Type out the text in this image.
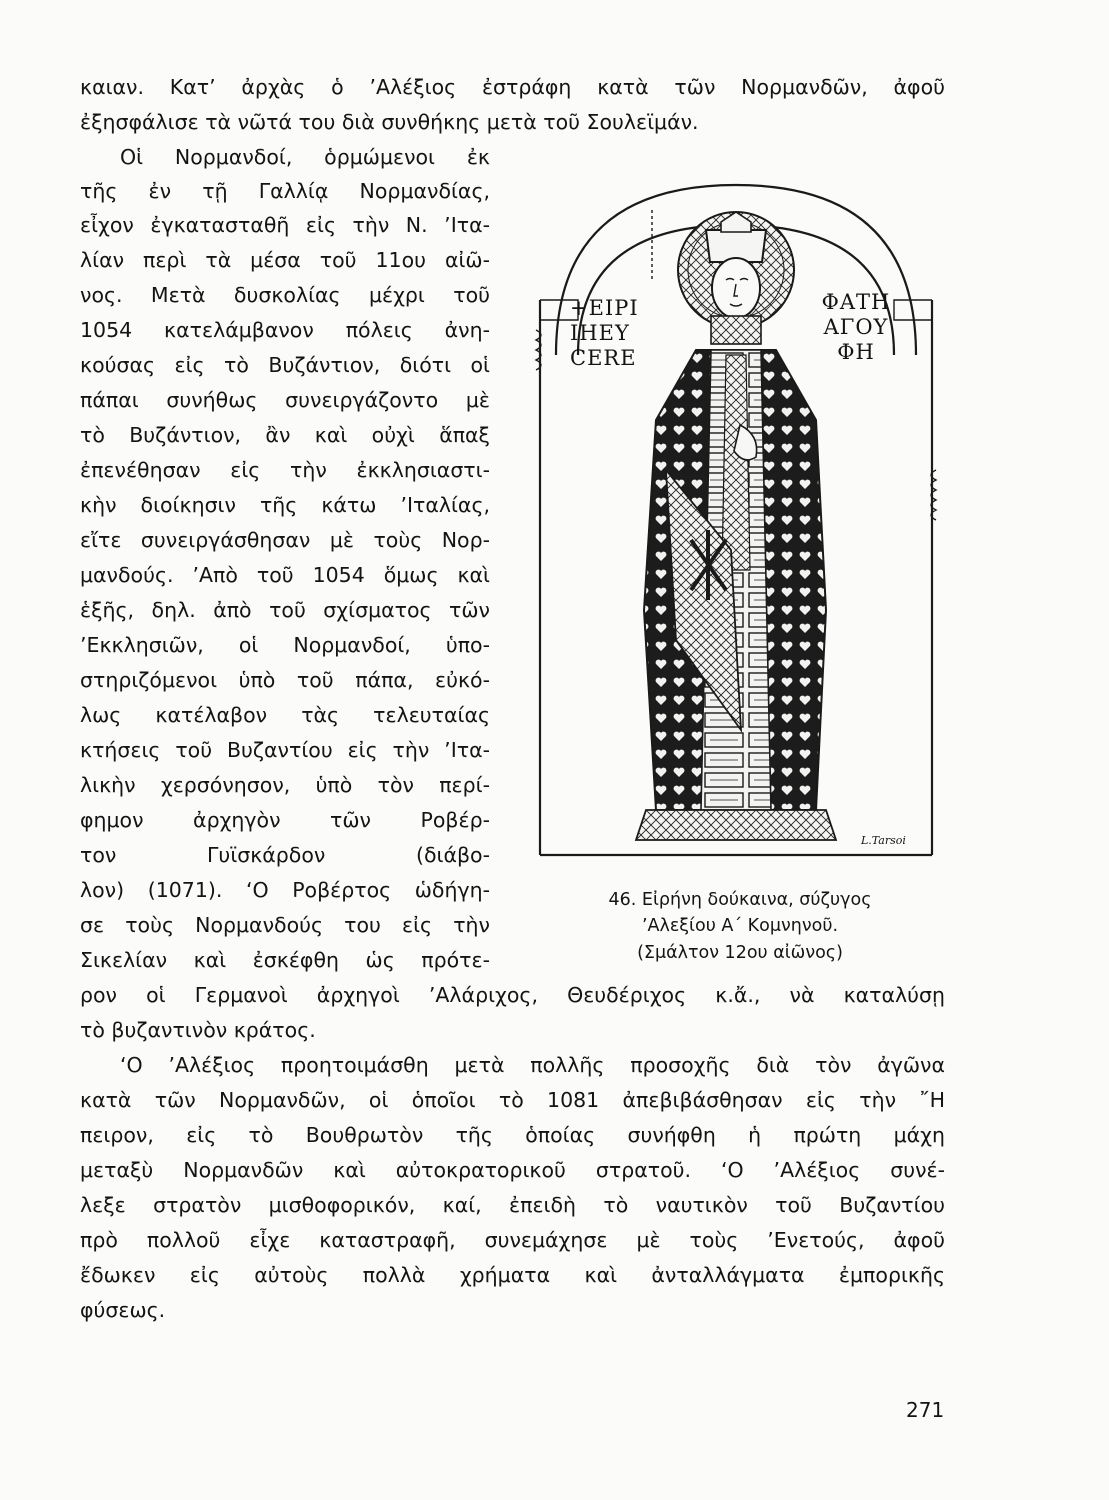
καιαν. Κατ’ ἀρχὰς ὁ ’Αλέξιος ἐστράφη κατὰ τῶν Νορμανδῶν, ἀφοῦ

ἐξησφάλισε τὰ νῶτά του διὰ συνθήκης μετὰ τοῦ Σουλεϊμάν.

Οἱ Νορμανδοί, ὁρμώμενοι ἐκ

τῆς ἐν τῇ Γαλλίᾳ Νορμανδίας,

εἶχον ἐγκατασταθῆ εἰς τὴν Ν. ’Ιτα-

λίαν περὶ τὰ μέσα τοῦ 11ου αἰῶ-

νος. Μετὰ δυσκολίας μέχρι τοῦ

1054 κατελάμβανον πόλεις ἀνη-

κούσας εἰς τὸ Βυζάντιον, διότι οἱ

πάπαι συνήθως συνειργάζοντο μὲ

τὸ Βυζάντιον, ἂν καὶ οὐχὶ ἅπαξ

ἐπενέθησαν εἰς τὴν ἐκκλησιαστι-

κὴν διοίκησιν τῆς κάτω ’Ιταλίας,

εἴτε συνειργάσθησαν μὲ τοὺς Νορ-

μανδούς. ’Απὸ τοῦ 1054 ὅμως καὶ

ἑξῆς, δηλ. ἀπὸ τοῦ σχίσματος τῶν

’Εκκλησιῶν, οἱ Νορμανδοί, ὑπο-

στηριζόμενοι ὑπὸ τοῦ πάπα, εὐκό-

λως κατέλαβον τὰς τελευταίας

κτήσεις τοῦ Βυζαντίου εἰς τὴν ’Ιτα-

λικὴν χερσόνησον, ὑπὸ τὸν περί-

φημον ἀρχηγὸν τῶν Ροβέρ-

τον Γυϊσκάρδον (διάβο-

λον) (1071). ‘Ο Ροβέρτος ὡδήγη-

σε τοὺς Νορμανδούς του εἰς τὴν

Σικελίαν καὶ ἐσκέφθη ὡς πρότε-

ρον οἱ Γερμανοὶ ἀρχηγοὶ ’Αλάριχος, Θευδέριχος κ.ἄ., νὰ καταλύσῃ

τὸ βυζαντινὸν κράτος.

‘Ο ’Αλέξιος προητοιμάσθη μετὰ πολλῆς προσοχῆς διὰ τὸν ἀγῶνα

κατὰ τῶν Νορμανδῶν, οἱ ὁποῖοι τὸ 1081 ἀπεβιβάσθησαν εἰς τὴν ῎Η

πειρον, εἰς τὸ Βουθρωτὸν τῆς ὁποίας συνήφθη ἡ πρώτη μάχη

μεταξὺ Νορμανδῶν καὶ αὐτοκρατορικοῦ στρατοῦ. ‘Ο ’Αλέξιος συνέ-

λεξε στρατὸν μισθοφορικόν, καί, ἐπειδὴ τὸ ναυτικὸν τοῦ Βυζαντίου

πρὸ πολλοῦ εἶχε καταστραφῆ, συνεμάχησε μὲ τοὺς ’Ενετούς, ἀφοῦ

ἔδωκεν εἰς αὐτοὺς πολλὰ χρήματα καὶ ἀνταλλάγματα ἐμπορικῆς

φύσεως.

+ΕΙΡΙ
ΙΗΕΥ
CERE
ΦΑΤΗ
ΑΓΟΥ
ΦΗ
L.Tarsoi

46. Εἰρήνη δούκαινα, σύζυγος

’Αλεξίου Α΄ Κομνηνοῦ.

(Σμάλτον 12ου αἰῶνος)

271
